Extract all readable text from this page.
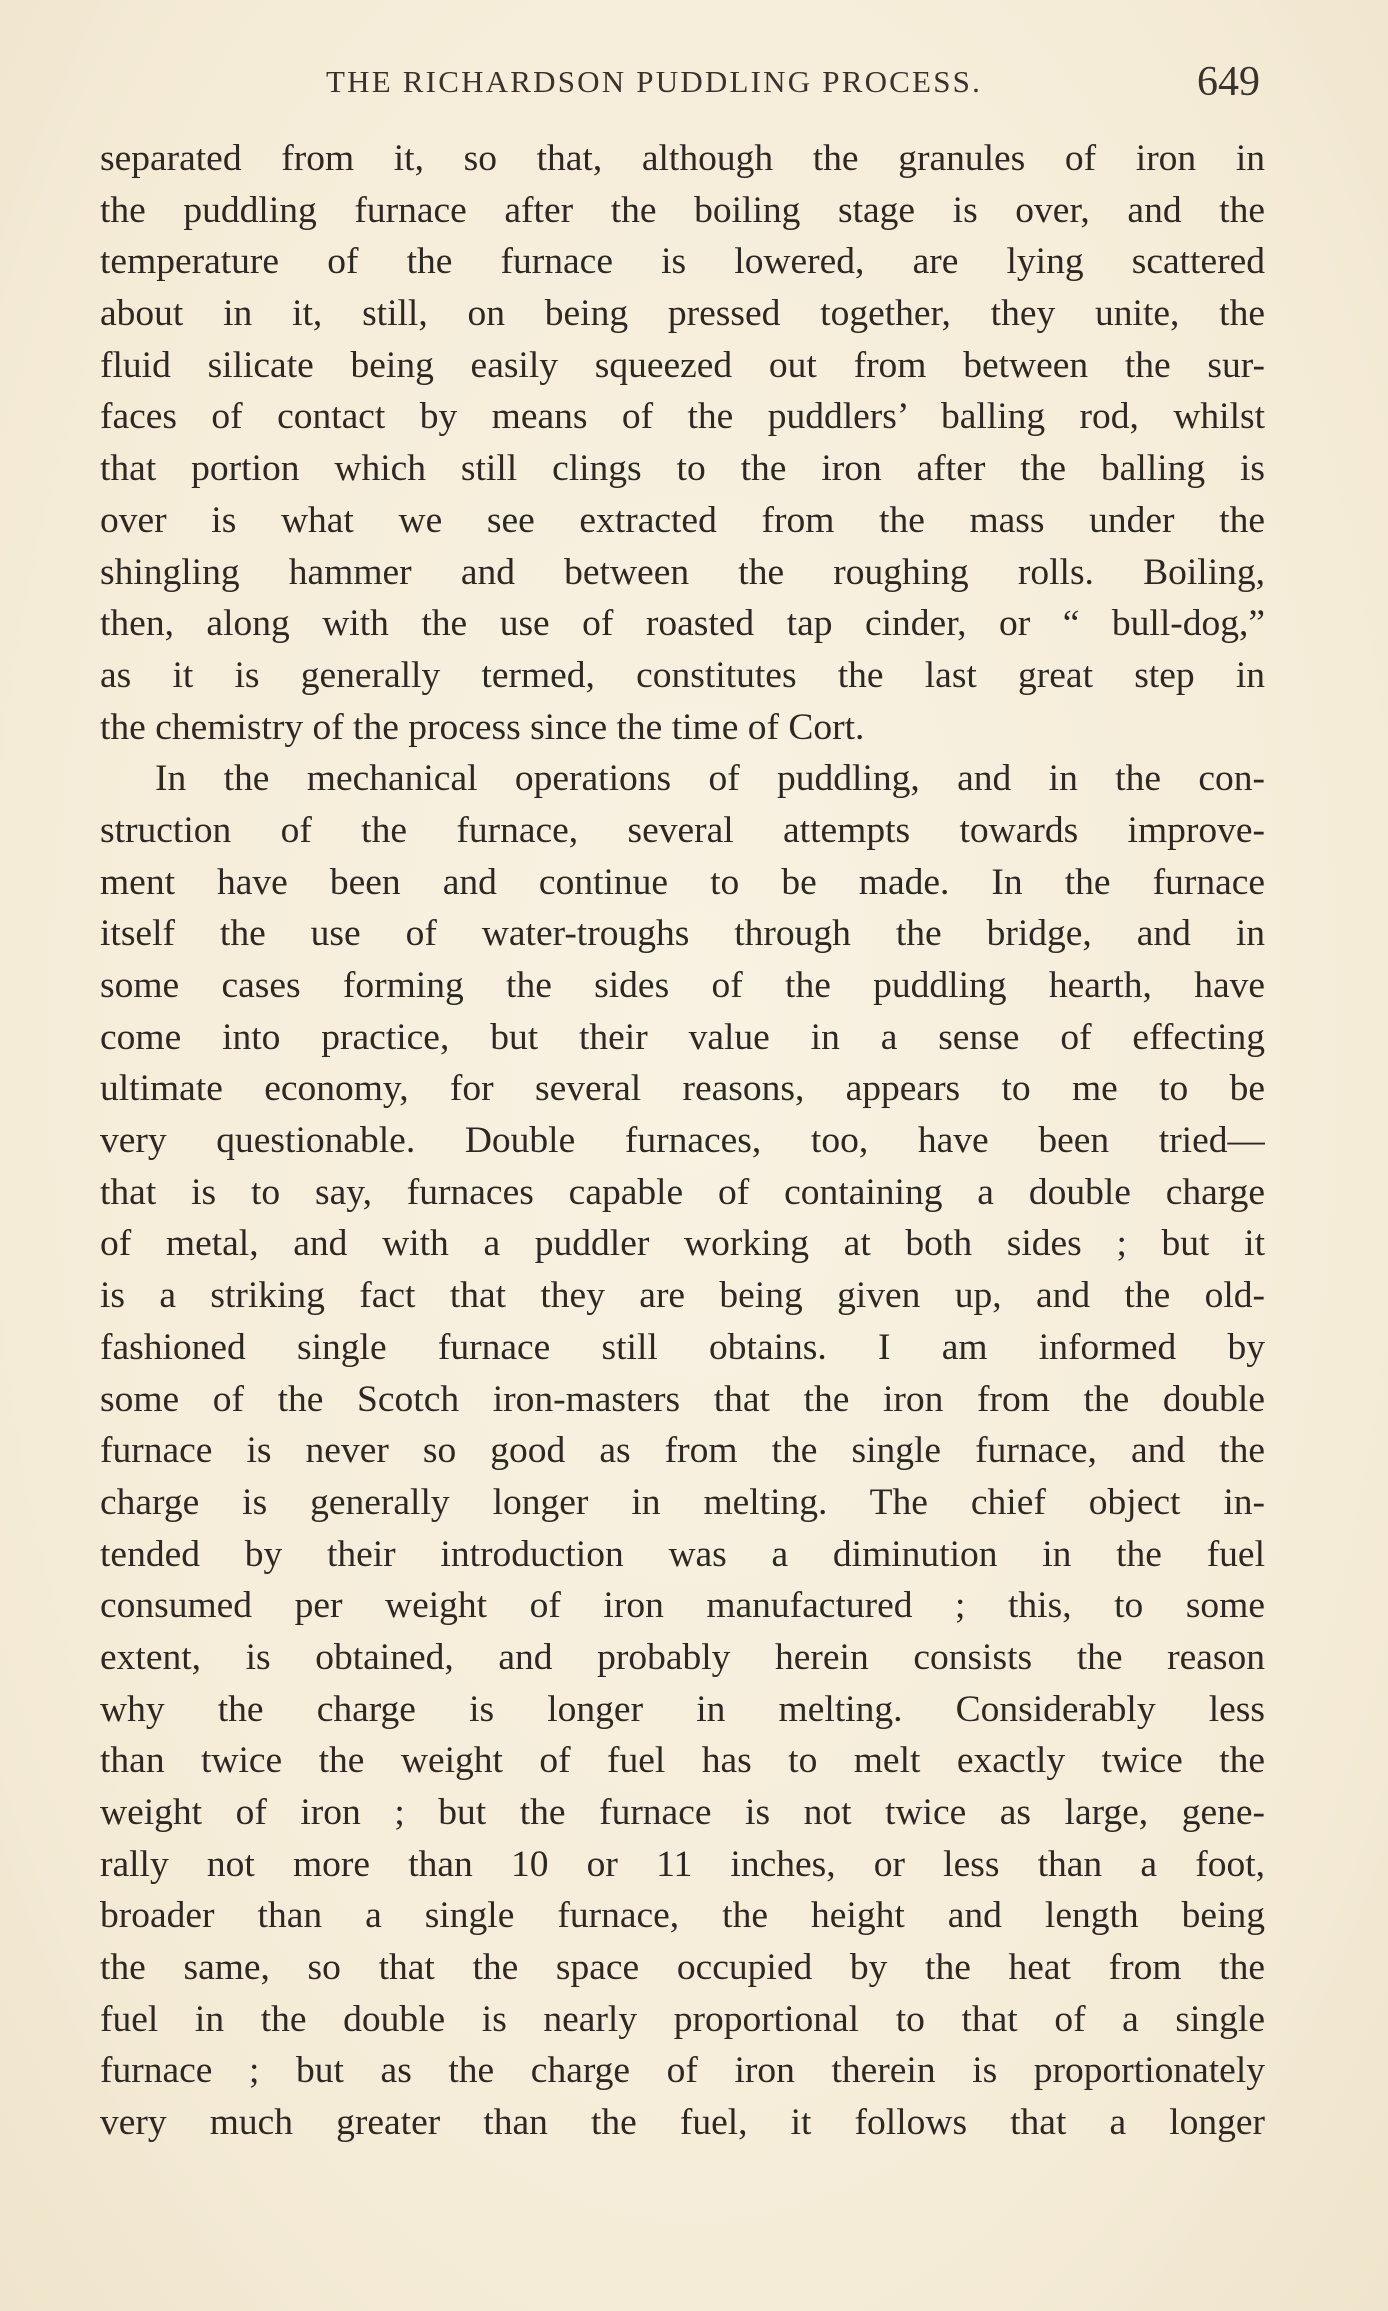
THE RICHARDSON PUDDLING PROCESS.	649
separated from it, so that, although the granules of iron in
the puddling furnace after the boiling stage is over, and the
temperature of the furnace is lowered, are lying scattered
about in it, still, on being pressed together, they unite, the
fluid silicate being easily squeezed out from between the sur-
faces of contact by means of the puddlers’ balling rod, whilst
that portion which still clings to the iron after the balling is
over is what we see extracted from the mass under the
shingling hammer and between the roughing rolls. Boiling,
then, along with the use of roasted tap cinder, or “ bull-dog,”
as it is generally termed, constitutes the last great step in
the chemistry of the process since the time of Cort.
In the mechanical operations of puddling, and in the con-
struction of the furnace, several attempts towards improve-
ment have been and continue to be made. In the furnace
itself the use of water-troughs through the bridge, and in
some cases forming the sides of the puddling hearth, have
come into practice, but their value in a sense of effecting
ultimate economy, for several reasons, appears to me to be
very questionable. Double furnaces, too, have been tried—
that is to say, furnaces capable of containing a double charge
of metal, and with a puddler working at both sides ; but it
is a striking fact that they are being given up, and the old-
fashioned single furnace still obtains. I am informed by
some of the Scotch iron-masters that the iron from the double
furnace is never so good as from the single furnace, and the
charge is generally longer in melting. The chief object in-
tended by their introduction was a diminution in the fuel
consumed per weight of iron manufactured ; this, to some
extent, is obtained, and probably herein consists the reason
why the charge is longer in melting. Considerably less
than twice the weight of fuel has to melt exactly twice the
weight of iron ; but the furnace is not twice as large, gene-
rally not more than 10 or 11 inches, or less than a foot,
broader than a single furnace, the height and length being
the same, so that the space occupied by the heat from the
fuel in the double is nearly proportional to that of a single
furnace ; but as the charge of iron therein is proportionately
very much greater than the fuel, it follows that a longer
